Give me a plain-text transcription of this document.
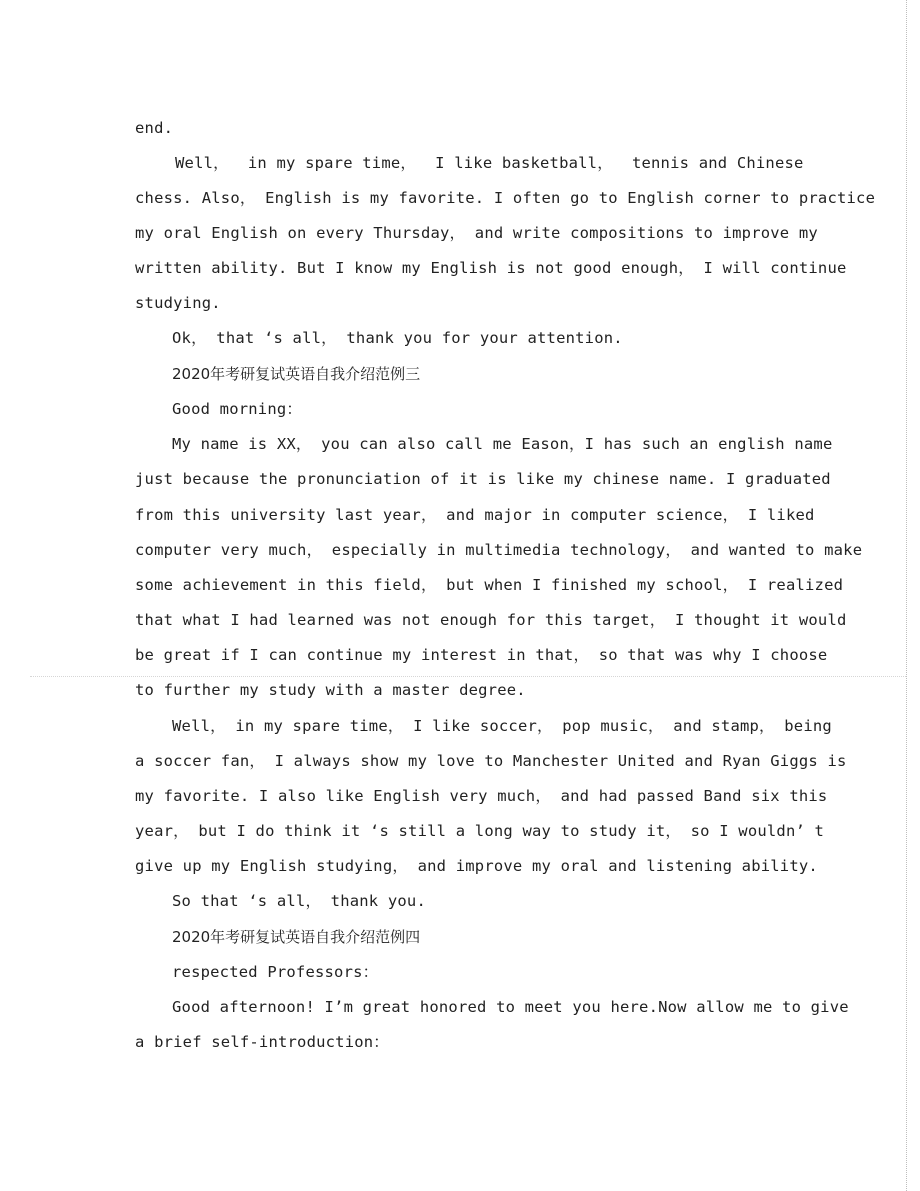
end.
Well，  in my spare time，  I like basketball，  tennis and Chinese
chess. Also， English is my favorite. I often go to English corner to practice
my oral English on every Thursday， and write compositions to improve my
written ability. But I know my English is not good enough， I will continue
studying.
Ok， that ‘s all， thank you for your attention.
2020年考研复试英语自我介绍范例三
Good morning：
My name is XX， you can also call me Eason，I has such an english name
just because the pronunciation of it is like my chinese name. I graduated
from this university last year， and major in computer science， I liked
computer very much， especially in multimedia technology， and wanted to make
some achievement in this field， but when I finished my school， I realized
that what I had learned was not enough for this target， I thought it would
be great if I can continue my interest in that， so that was why I choose
to further my study with a master degree.
Well， in my spare time， I like soccer， pop music， and stamp， being
a soccer fan， I always show my love to Manchester United and Ryan Giggs is
my favorite. I also like English very much， and had passed Band six this
year， but I do think it ‘s still a long way to study it， so I wouldn’ t
give up my English studying， and improve my oral and listening ability.
So that ‘s all， thank you.
2020年考研复试英语自我介绍范例四
respected Professors：
Good afternoon! I’m great honored to meet you here.Now allow me to give
a brief self-introduction：
